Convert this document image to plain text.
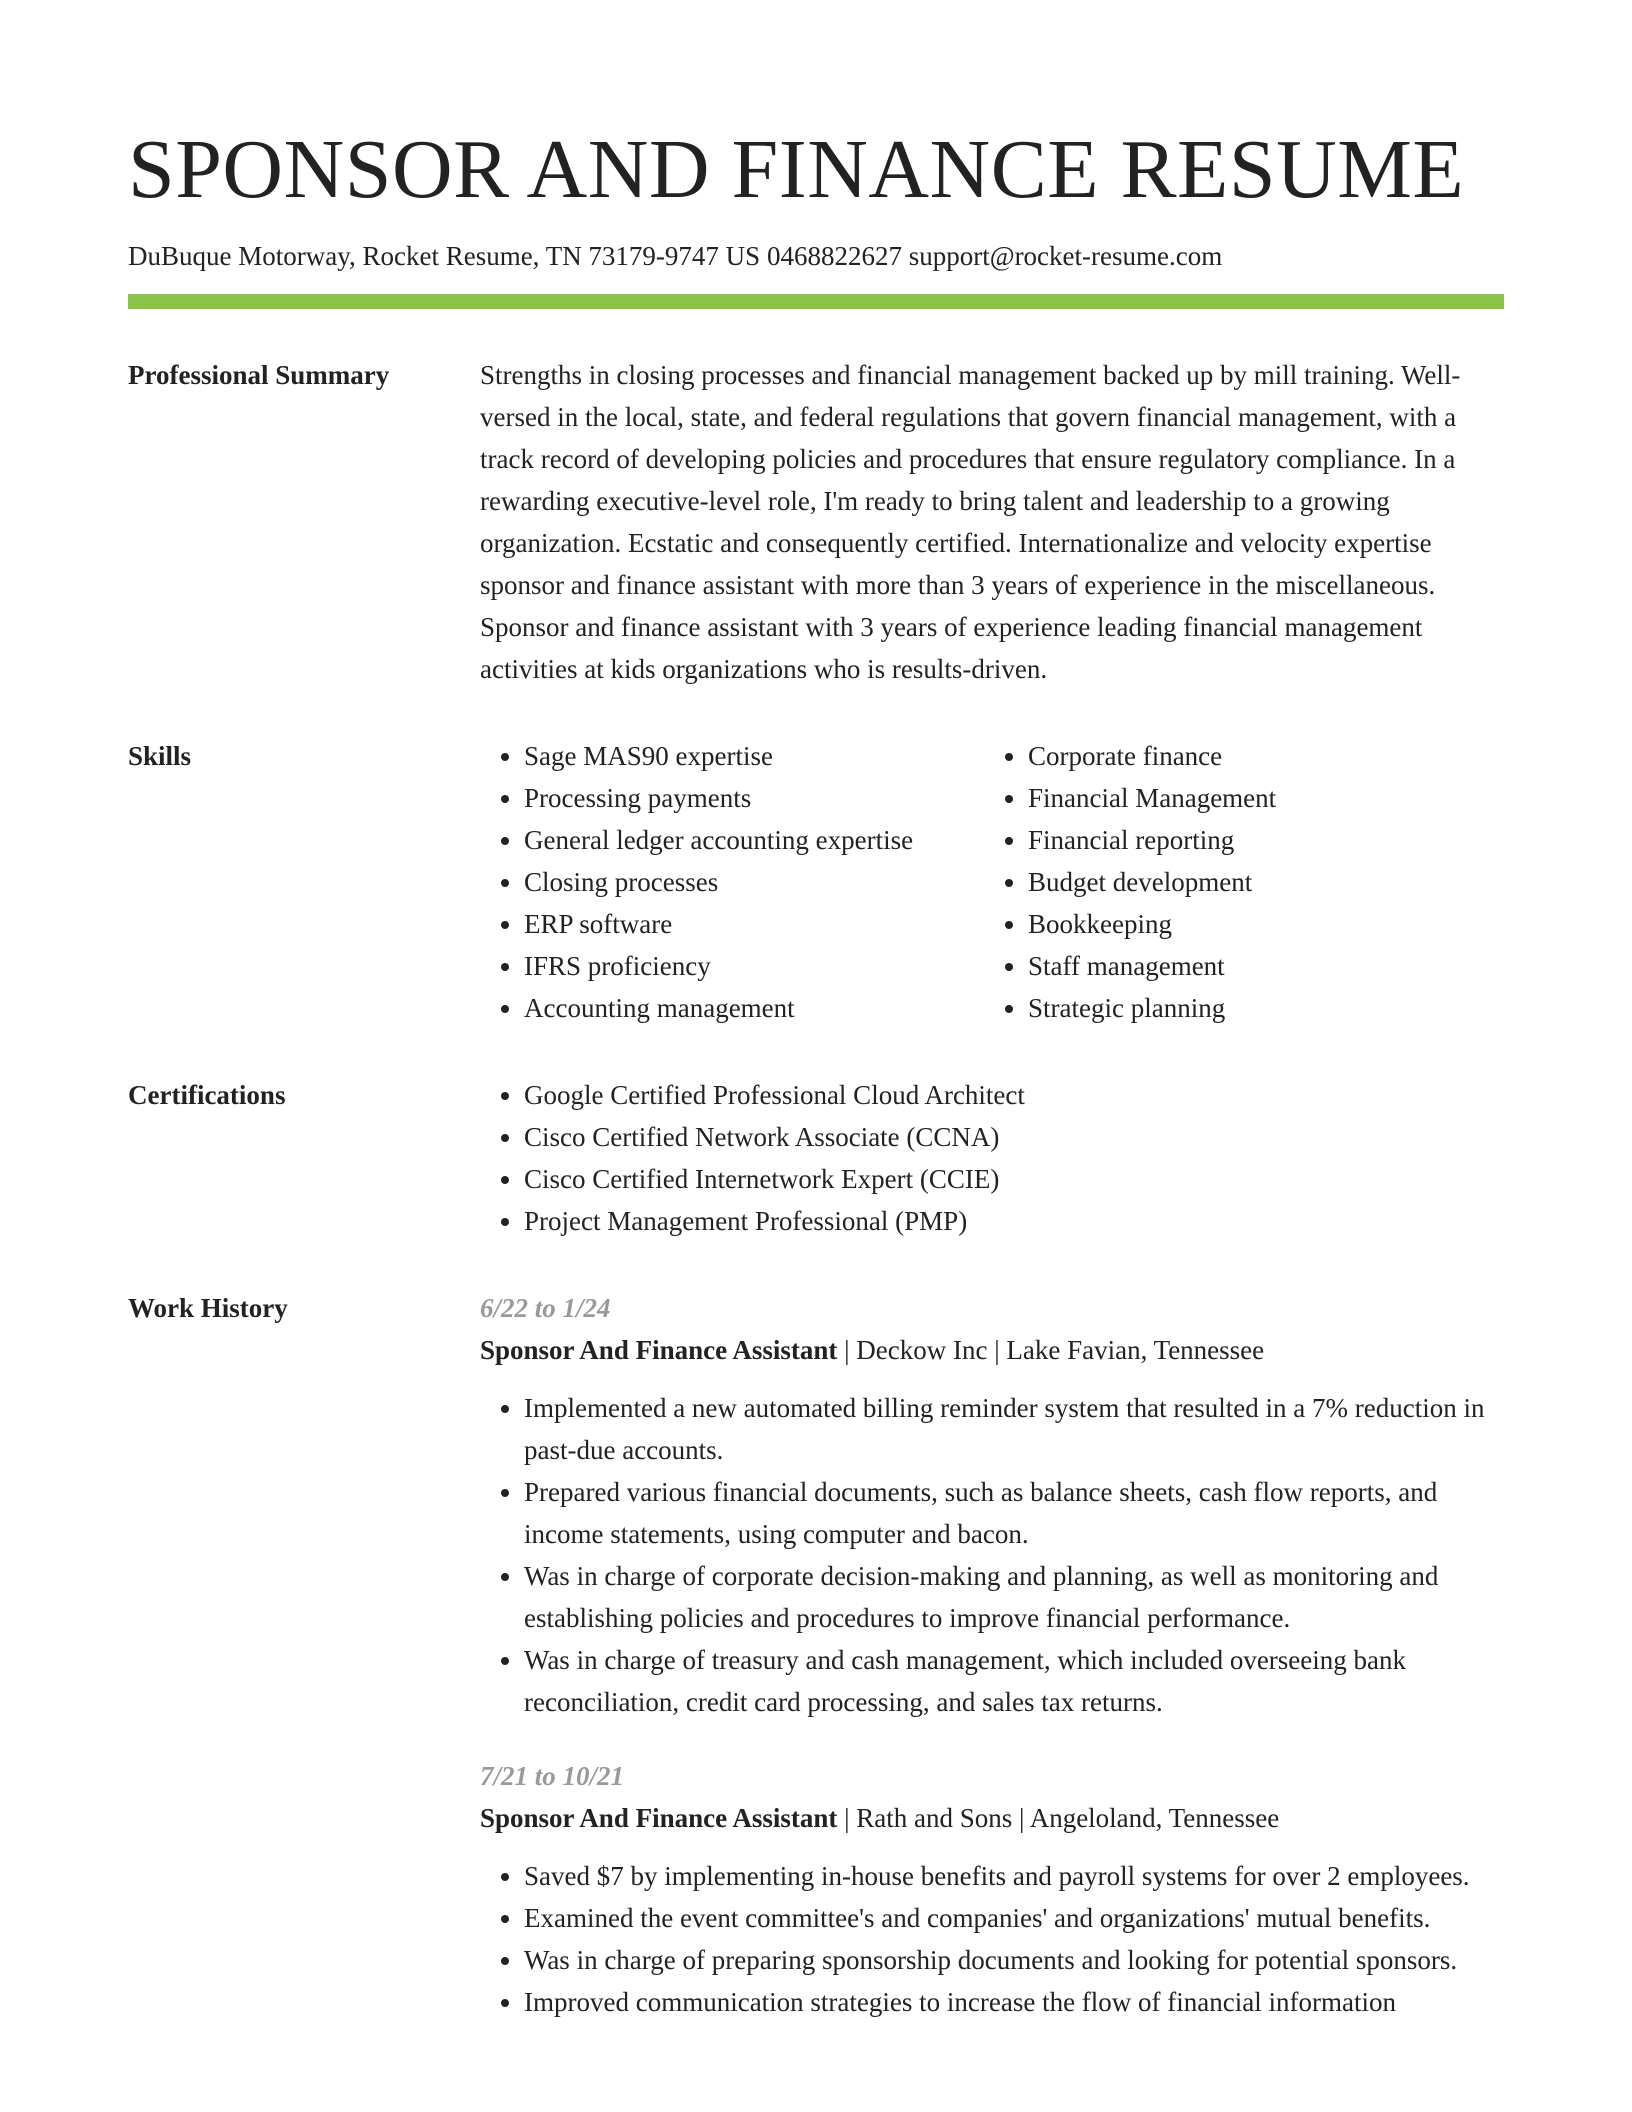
SPONSOR AND FINANCE RESUME
DuBuque Motorway, Rocket Resume, TN 73179-9747 US 0468822627 support@rocket-resume.com
Professional Summary	Strengths in closing processes and financial management backed up by mill training. Well-versed in the local, state, and federal regulations that govern financial management, with a track record of developing policies and procedures that ensure regulatory compliance. In a rewarding executive-level role, I'm ready to bring talent and leadership to a growing organization. Ecstatic and consequently certified. Internationalize and velocity expertise sponsor and finance assistant with more than 3 years of experience in the miscellaneous. Sponsor and finance assistant with 3 years of experience leading financial management activities at kids organizations who is results-driven.

Skills	• Sage MAS90 expertise
• Processing payments
• General ledger accounting expertise
• Closing processes
• ERP software
• IFRS proficiency
• Accounting management
• Corporate finance
• Financial Management
• Financial reporting
• Budget development
• Bookkeeping
• Staff management
• Strategic planning
Certifications	• Google Certified Professional Cloud Architect
• Cisco Certified Network Associate (CCNA)
• Cisco Certified Internetwork Expert (CCIE)
• Project Management Professional (PMP)
Work History	6/22 to 1/24
Sponsor And Finance Assistant | Deckow Inc | Lake Favian, Tennessee
• Implemented a new automated billing reminder system that resulted in a 7% reduction in past-due accounts.
• Prepared various financial documents, such as balance sheets, cash flow reports, and income statements, using computer and bacon.
• Was in charge of corporate decision-making and planning, as well as monitoring and establishing policies and procedures to improve financial performance.
• Was in charge of treasury and cash management, which included overseeing bank reconciliation, credit card processing, and sales tax returns.
7/21 to 10/21
Sponsor And Finance Assistant | Rath and Sons | Angeloland, Tennessee
• Saved $7 by implementing in-house benefits and payroll systems for over 2 employees.
• Examined the event committee's and companies' and organizations' mutual benefits.
• Was in charge of preparing sponsorship documents and looking for potential sponsors.
• Improved communication strategies to increase the flow of financial information
